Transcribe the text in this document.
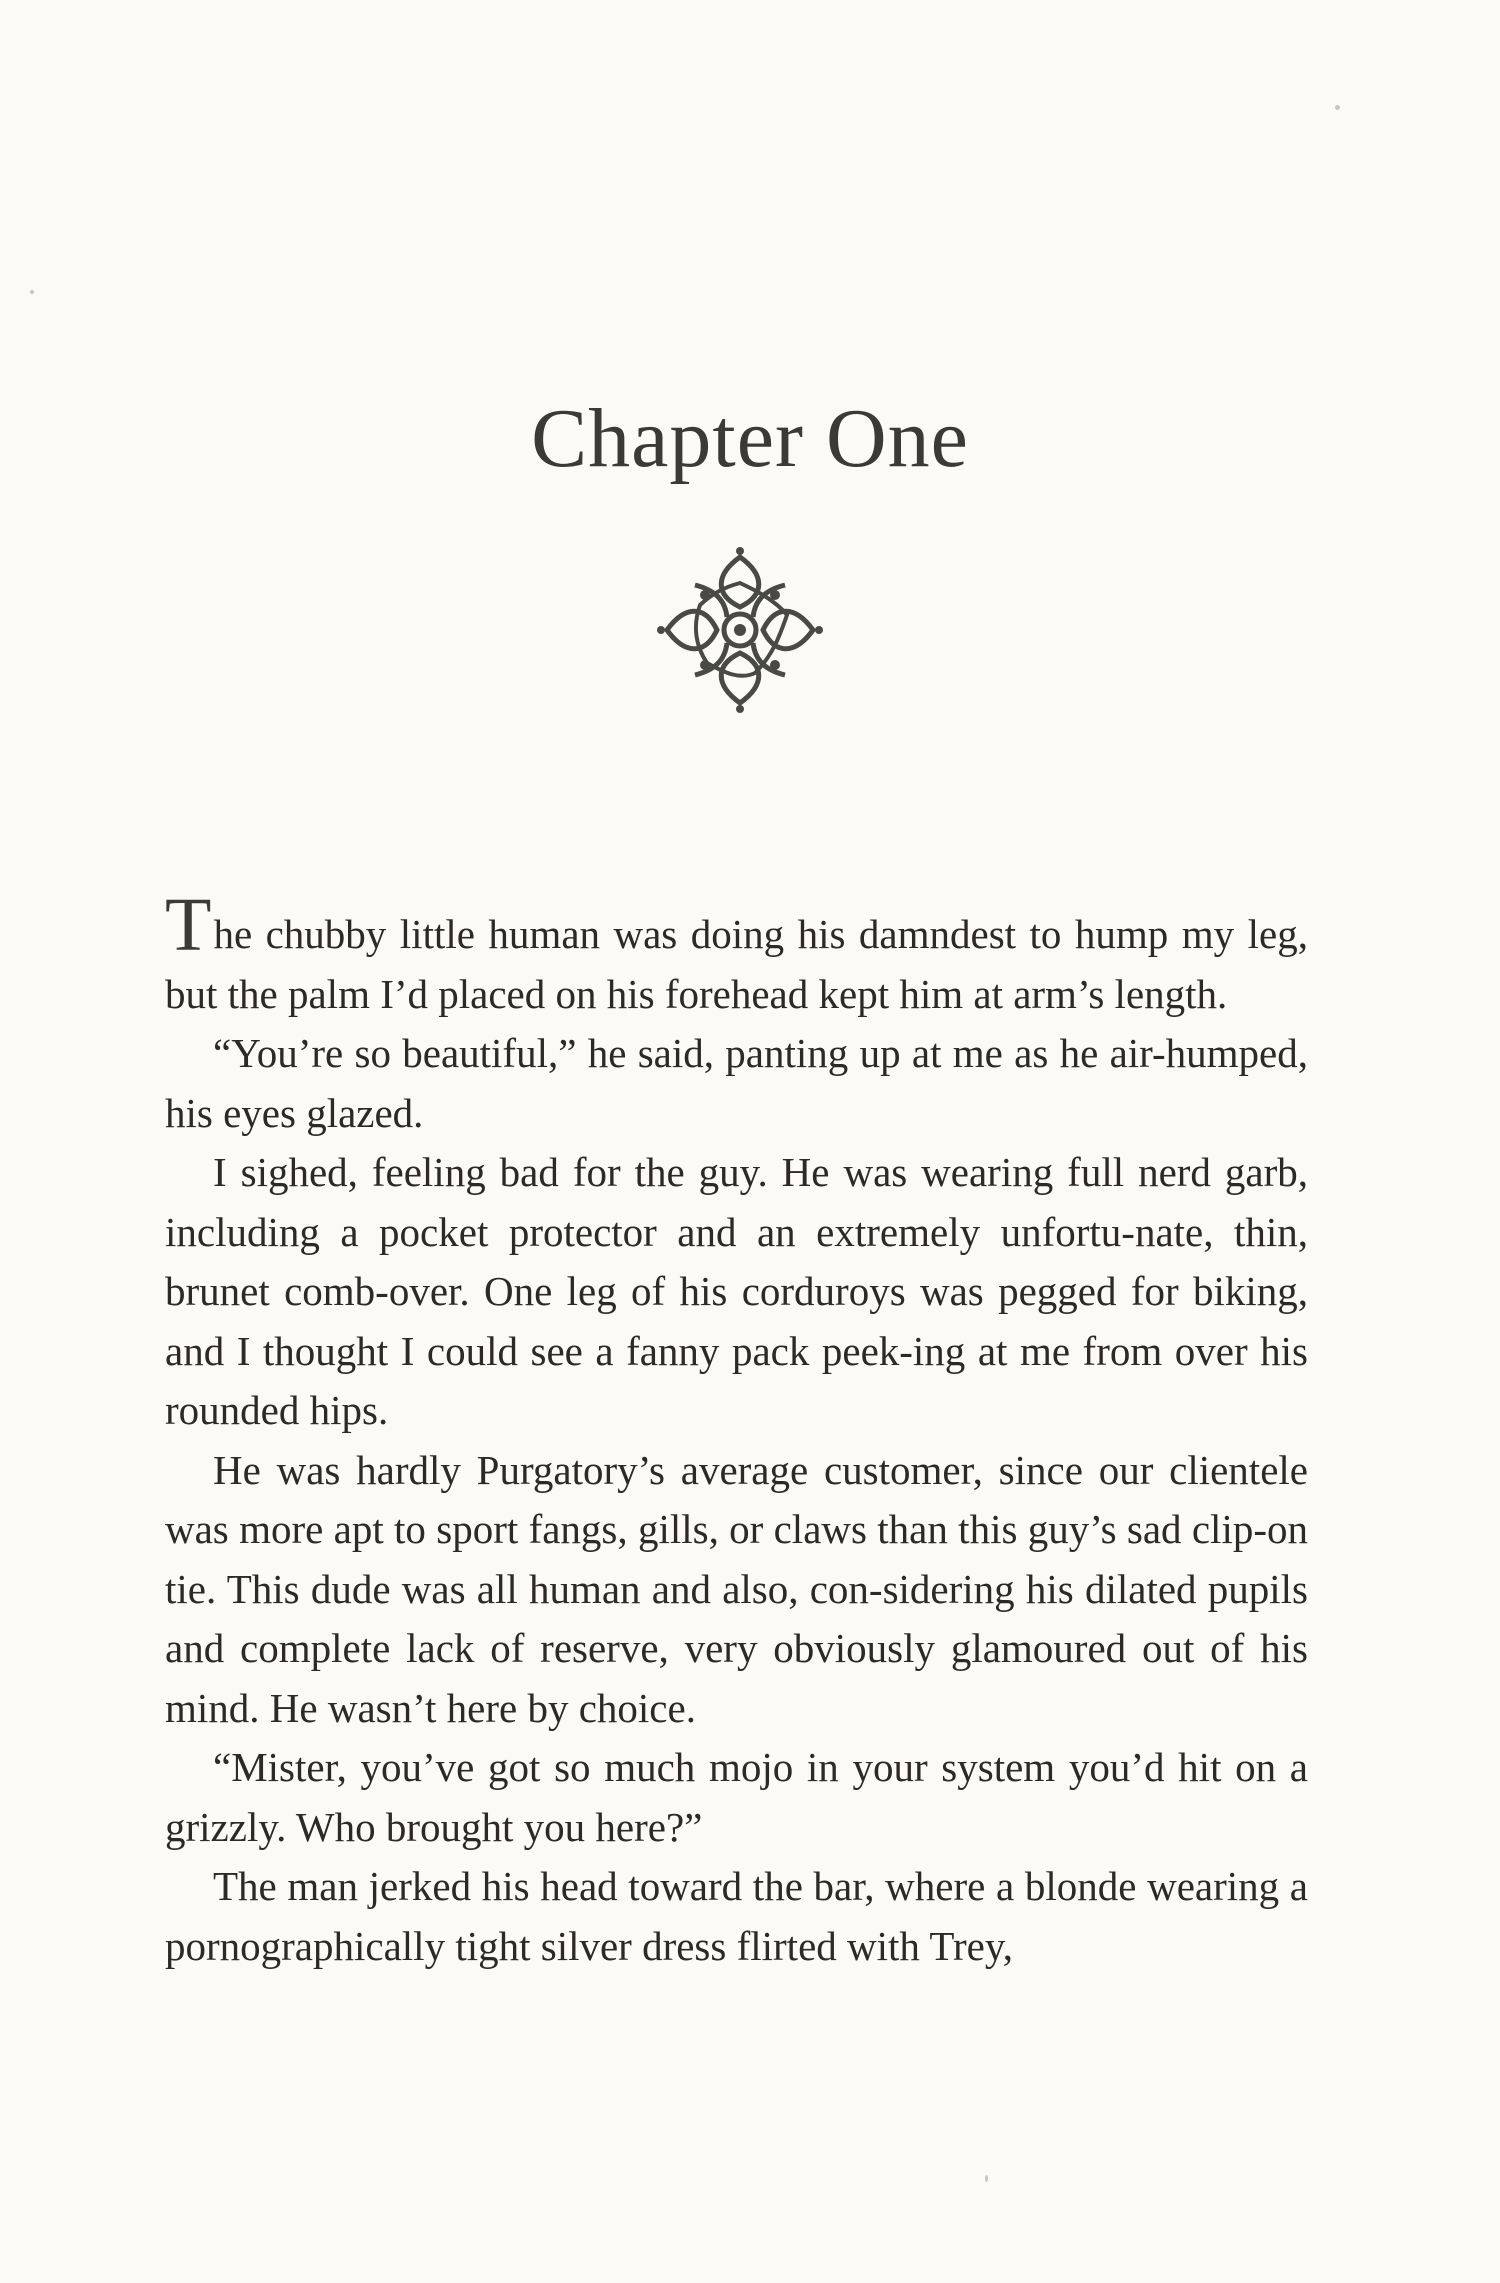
Chapter One

The chubby little human was doing his damndest to hump my leg, but the palm I’d placed on his forehead kept him at arm’s length.

“You’re so beautiful,” he said, panting up at me as he air-humped, his eyes glazed.

I sighed, feeling bad for the guy. He was wearing full nerd garb, including a pocket protector and an extremely unfortu-nate, thin, brunet comb-over. One leg of his corduroys was pegged for biking, and I thought I could see a fanny pack peek-ing at me from over his rounded hips.

He was hardly Purgatory’s average customer, since our clientele was more apt to sport fangs, gills, or claws than this guy’s sad clip-on tie. This dude was all human and also, con-sidering his dilated pupils and complete lack of reserve, very obviously glamoured out of his mind. He wasn’t here by choice.

“Mister, you’ve got so much mojo in your system you’d hit on a grizzly. Who brought you here?”

The man jerked his head toward the bar, where a blonde wearing a pornographically tight silver dress flirted with Trey,
